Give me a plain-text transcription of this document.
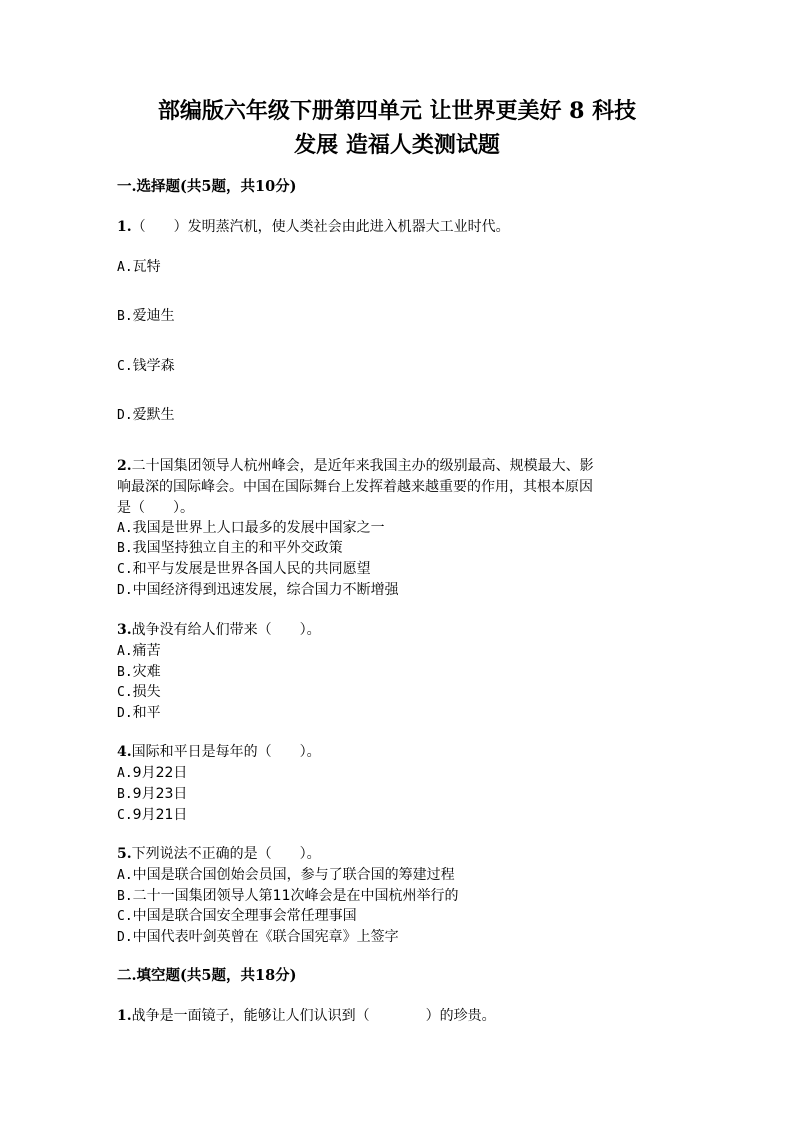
部编版六年级下册第四单元 让世界更美好 8 科技
发展 造福人类测试题
一.选择题(共5题，共10分)
1.（　　）发明蒸汽机，使人类社会由此进入机器大工业时代。
A.瓦特
B.爱迪生
C.钱学森
D.爱默生
2.二十国集团领导人杭州峰会，是近年来我国主办的级别最高、规模最大、影
响最深的国际峰会。中国在国际舞台上发挥着越来越重要的作用，其根本原因
是（　　）。
A.我国是世界上人口最多的发展中国家之一
B.我国坚持独立自主的和平外交政策
C.和平与发展是世界各国人民的共同愿望
D.中国经济得到迅速发展，综合国力不断增强
3.战争没有给人们带来（　　）。
A.痛苦
B.灾难
C.损失
D.和平
4.国际和平日是每年的（　　）。
A.9月22日
B.9月23日
C.9月21日
5.下列说法不正确的是（　　）。
A.中国是联合国创始会员国，参与了联合国的筹建过程
B.二十一国集团领导人第11次峰会是在中国杭州举行的
C.中国是联合国安全理事会常任理事国
D.中国代表叶剑英曾在《联合国宪章》上签字
二.填空题(共5题，共18分)
1.战争是一面镜子，能够让人们认识到（　　　　）的珍贵。
